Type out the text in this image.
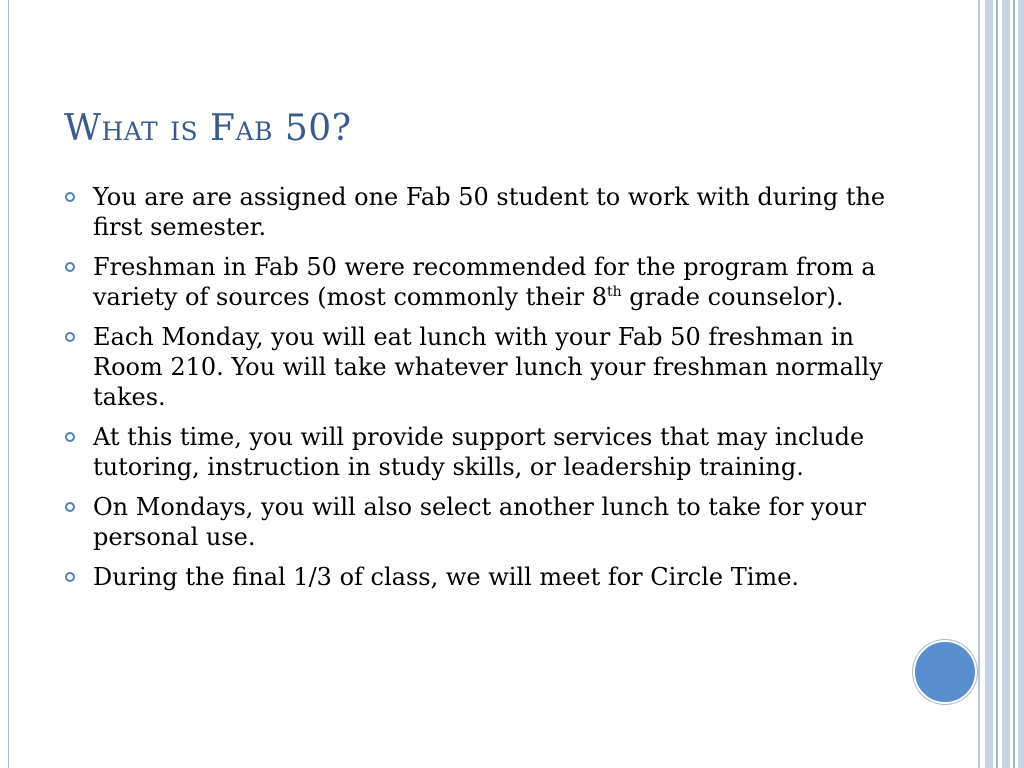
What is Fab 50?
You are are assigned one Fab 50 student to work with during the first semester.
Freshman in Fab 50 were recommended for the program from a variety of sources (most commonly their 8th grade counselor).
Each Monday, you will eat lunch with your Fab 50 freshman in Room 210. You will take whatever lunch your freshman normally takes.
At this time, you will provide support services that may include tutoring, instruction in study skills, or leadership training.
On Mondays, you will also select another lunch to take for your personal use.
During the final 1/3 of class, we will meet for Circle Time.
